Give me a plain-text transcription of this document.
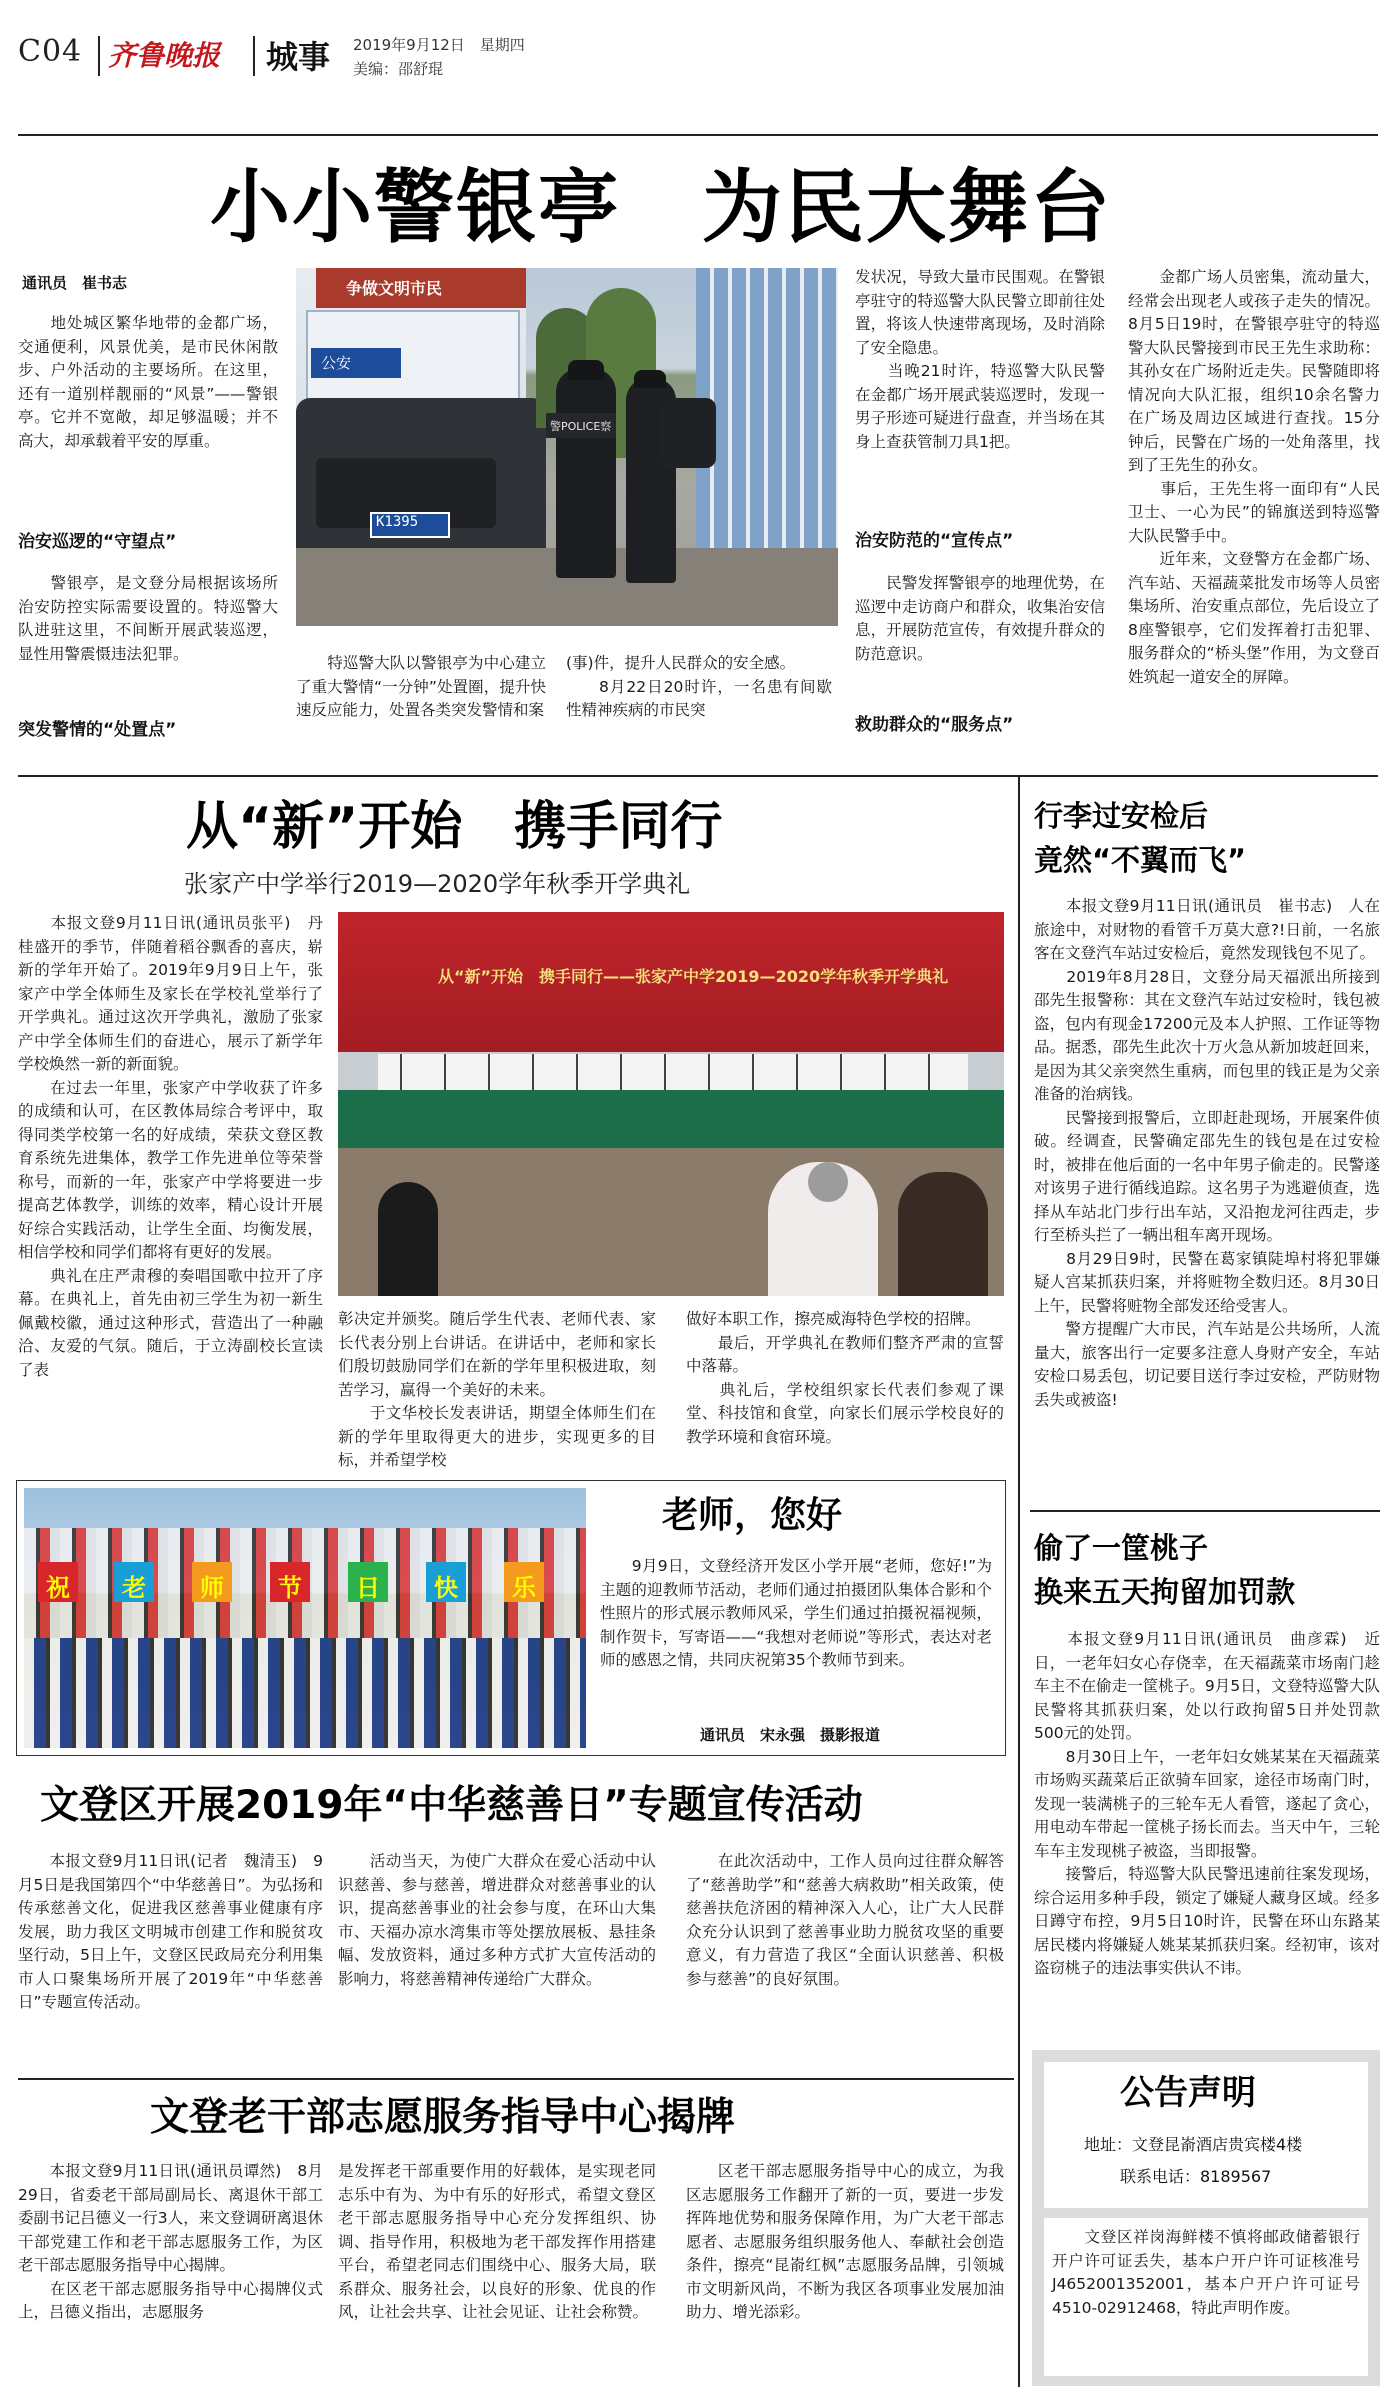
C04 齐鲁晚报 城事 2019年9月12日　星期四
美编：邵舒琨
小小警银亭　为民大舞台
通讯员　崔书志
　　地处城区繁华地带的金都广场，交通便利，风景优美，是市民休闲散步、户外活动的主要场所。在这里，还有一道别样靓丽的“风景”——警银亭。它并不宽敞，却足够温暖；并不高大，却承载着平安的厚重。
治安巡逻的“守望点”
　　警银亭，是文登分局根据该场所治安防控实际需要设置的。特巡警大队进驻这里，不间断开展武装巡逻，显性用警震慑违法犯罪。
突发警情的“处置点”
争做文明市民
公安
K1395
警POLICE察
　　特巡警大队以警银亭为中心建立了重大警情“一分钟”处置圈，提升快速反应能力，处置各类突发警情和案
(事)件，提升人民群众的安全感。
　　8月22日20时许，一名患有间歇性精神疾病的市民突
发状况，导致大量市民围观。在警银亭驻守的特巡警大队民警立即前往处置，将该人快速带离现场，及时消除了安全隐患。
　　当晚21时许，特巡警大队民警在金都广场开展武装巡逻时，发现一男子形迹可疑进行盘查，并当场在其身上查获管制刀具1把。
治安防范的“宣传点”
　　民警发挥警银亭的地理优势，在巡逻中走访商户和群众，收集治安信息，开展防范宣传，有效提升群众的防范意识。
救助群众的“服务点”
　　金都广场人员密集，流动量大，经常会出现老人或孩子走失的情况。8月5日19时，在警银亭驻守的特巡警大队民警接到市民王先生求助称：其孙女在广场附近走失。民警随即将情况向大队汇报，组织10余名警力在广场及周边区域进行查找。15分钟后，民警在广场的一处角落里，找到了王先生的孙女。
　　事后，王先生将一面印有“人民卫士、一心为民”的锦旗送到特巡警大队民警手中。
　　近年来，文登警方在金都广场、汽车站、天福蔬菜批发市场等人员密集场所、治安重点部位，先后设立了8座警银亭，它们发挥着打击犯罪、服务群众的“桥头堡”作用，为文登百姓筑起一道安全的屏障。
从“新”开始　携手同行
张家产中学举行2019—2020学年秋季开学典礼
　　本报文登9月11日讯(通讯员张平)　丹桂盛开的季节，伴随着稻谷飘香的喜庆，崭新的学年开始了。2019年9月9日上午，张家产中学全体师生及家长在学校礼堂举行了开学典礼。通过这次开学典礼，激励了张家产中学全体师生们的奋进心，展示了新学年学校焕然一新的新面貌。
　　在过去一年里，张家产中学收获了许多的成绩和认可，在区教体局综合考评中，取得同类学校第一名的好成绩，荣获文登区教育系统先进集体，教学工作先进单位等荣誉称号，而新的一年，张家产中学将要进一步提高艺体教学，训练的效率，精心设计开展好综合实践活动，让学生全面、均衡发展，相信学校和同学们都将有更好的发展。
　　典礼在庄严肃穆的奏唱国歌中拉开了序幕。在典礼上，首先由初三学生为初一新生佩戴校徽，通过这种形式，营造出了一种融洽、友爱的气氛。随后，于立涛副校长宣读了表
从“新”开始　携手同行——张家产中学2019—2020学年秋季开学典礼
彰决定并颁奖。随后学生代表、老师代表、家长代表分别上台讲话。在讲话中，老师和家长们殷切鼓励同学们在新的学年里积极进取，刻苦学习，赢得一个美好的未来。
　　于文华校长发表讲话，期望全体师生们在新的学年里取得更大的进步，实现更多的目标，并希望学校
做好本职工作，擦亮威海特色学校的招牌。
　　最后，开学典礼在教师们整齐严肃的宣誓中落幕。
　　典礼后，学校组织家长代表们参观了课堂、科技馆和食堂，向家长们展示学校良好的教学环境和食宿环境。
祝 老 师 节 日 快 乐
老师，您好
　　9月9日，文登经济开发区小学开展“老师，您好!”为主题的迎教师节活动，老师们通过拍摄团队集体合影和个性照片的形式展示教师风采，学生们通过拍摄祝福视频，制作贺卡，写寄语——“我想对老师说”等形式，表达对老师的感恩之情，共同庆祝第35个教师节到来。
通讯员　宋永强　摄影报道
文登区开展2019年“中华慈善日”专题宣传活动
　　本报文登9月11日讯(记者　魏清玉)　9月5日是我国第四个“中华慈善日”。为弘扬和传承慈善文化，促进我区慈善事业健康有序发展，助力我区文明城市创建工作和脱贫攻坚行动，5日上午，文登区民政局充分利用集市人口聚集场所开展了2019年“中华慈善日”专题宣传活动。
　　活动当天，为使广大群众在爱心活动中认识慈善、参与慈善，增进群众对慈善事业的认识，提高慈善事业的社会参与度，在环山大集市、天福办凉水湾集市等处摆放展板、悬挂条幅、发放资料，通过多种方式扩大宣传活动的影响力，将慈善精神传递给广大群众。
　　在此次活动中，工作人员向过往群众解答了“慈善助学”和“慈善大病救助”相关政策，使慈善扶危济困的精神深入人心，让广大人民群众充分认识到了慈善事业助力脱贫攻坚的重要意义，有力营造了我区“全面认识慈善、积极参与慈善”的良好氛围。
文登老干部志愿服务指导中心揭牌
　　本报文登9月11日讯(通讯员谭然)　8月29日，省委老干部局副局长、离退休干部工委副书记吕德义一行3人，来文登调研离退休干部党建工作和老干部志愿服务工作，为区老干部志愿服务指导中心揭牌。
　　在区老干部志愿服务指导中心揭牌仪式上，吕德义指出，志愿服务
是发挥老干部重要作用的好载体，是实现老同志乐中有为、为中有乐的好形式，希望文登区老干部志愿服务指导中心充分发挥组织、协调、指导作用，积极地为老干部发挥作用搭建平台，希望老同志们围绕中心、服务大局，联系群众、服务社会，以良好的形象、优良的作风，让社会共享、让社会见证、让社会称赞。
　　区老干部志愿服务指导中心的成立，为我区志愿服务工作翻开了新的一页，要进一步发挥阵地优势和服务保障作用，为广大老干部志愿者、志愿服务组织服务他人、奉献社会创造条件，擦亮“昆嵛红枫”志愿服务品牌，引领城市文明新风尚，不断为我区各项事业发展加油助力、增光添彩。
行李过安检后
竟然“不翼而飞”
　　本报文登9月11日讯(通讯员　崔书志)　人在旅途中，对财物的看管千万莫大意?!日前，一名旅客在文登汽车站过安检后，竟然发现钱包不见了。
　　2019年8月28日，文登分局天福派出所接到邵先生报警称：其在文登汽车站过安检时，钱包被盗，包内有现金17200元及本人护照、工作证等物品。据悉，邵先生此次十万火急从新加坡赶回来，是因为其父亲突然生重病，而包里的钱正是为父亲准备的治病钱。
　　民警接到报警后，立即赶赴现场，开展案件侦破。经调查，民警确定邵先生的钱包是在过安检时，被排在他后面的一名中年男子偷走的。民警遂对该男子进行循线追踪。这名男子为逃避侦查，选择从车站北门步行出车站，又沿抱龙河往西走，步行至桥头拦了一辆出租车离开现场。
　　8月29日9时，民警在葛家镇陡埠村将犯罪嫌疑人宫某抓获归案，并将赃物全数归还。8月30日上午，民警将赃物全部发还给受害人。
　　警方提醒广大市民，汽车站是公共场所，人流量大，旅客出行一定要多注意人身财产安全，车站安检口易丢包，切记要目送行李过安检，严防财物丢失或被盗!
偷了一筐桃子
换来五天拘留加罚款
　　本报文登9月11日讯(通讯员　曲彦霖)　近日，一老年妇女心存侥幸，在天福蔬菜市场南门趁车主不在偷走一筐桃子。9月5日，文登特巡警大队民警将其抓获归案，处以行政拘留5日并处罚款500元的处罚。
　　8月30日上午，一老年妇女姚某某在天福蔬菜市场购买蔬菜后正欲骑车回家，途径市场南门时，发现一装满桃子的三轮车无人看管，遂起了贪心，用电动车带起一筐桃子扬长而去。当天中午，三轮车车主发现桃子被盗，当即报警。
　　接警后，特巡警大队民警迅速前往案发现场，综合运用多种手段，锁定了嫌疑人藏身区域。经多日蹲守布控，9月5日10时许，民警在环山东路某居民楼内将嫌疑人姚某某抓获归案。经初审，该对盗窃桃子的违法事实供认不讳。
公告声明
地址：文登昆嵛酒店贵宾楼4楼
联系电话：8189567
　　文登区祥岗海鲜楼不慎将邮政储蓄银行开户许可证丢失，基本户开户许可证核准号J4652001352001，基本户开户许可证号4510-02912468，特此声明作废。
